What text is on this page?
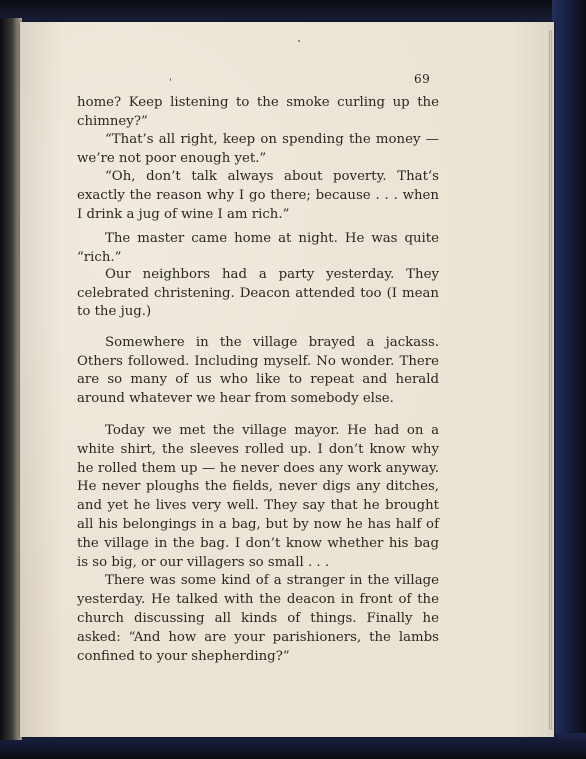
69

home? Keep listening to the smoke curling up the chimney?”

“That’s all right, keep on spending the money — we’re not poor enough yet.”

“Oh, don’t talk always about poverty. That’s exactly the reason why I go there; because . . . when I drink a jug of wine I am rich.”

The master came home at night. He was quite “rich.”

Our neighbors had a party yesterday. They celebrated christening. Deacon attended too (I mean to the jug.)

Somewhere in the village brayed a jackass. Others followed. Including myself. No wonder. There are so many of us who like to repeat and herald around whatever we hear from somebody else.

Today we met the village mayor. He had on a white shirt, the sleeves rolled up. I don’t know why he rolled them up — he never does any work anyway. He never ploughs the fields, never digs any ditches, and yet he lives very well. They say that he brought all his belongings in a bag, but by now he has half of the village in the bag. I don’t know whether his bag is so big, or our villagers so small . . .

There was some kind of a stranger in the village yesterday. He talked with the deacon in front of the church discussing all kinds of things. Finally he asked: “And how are your parishioners, the lambs confined to your shepherding?”
